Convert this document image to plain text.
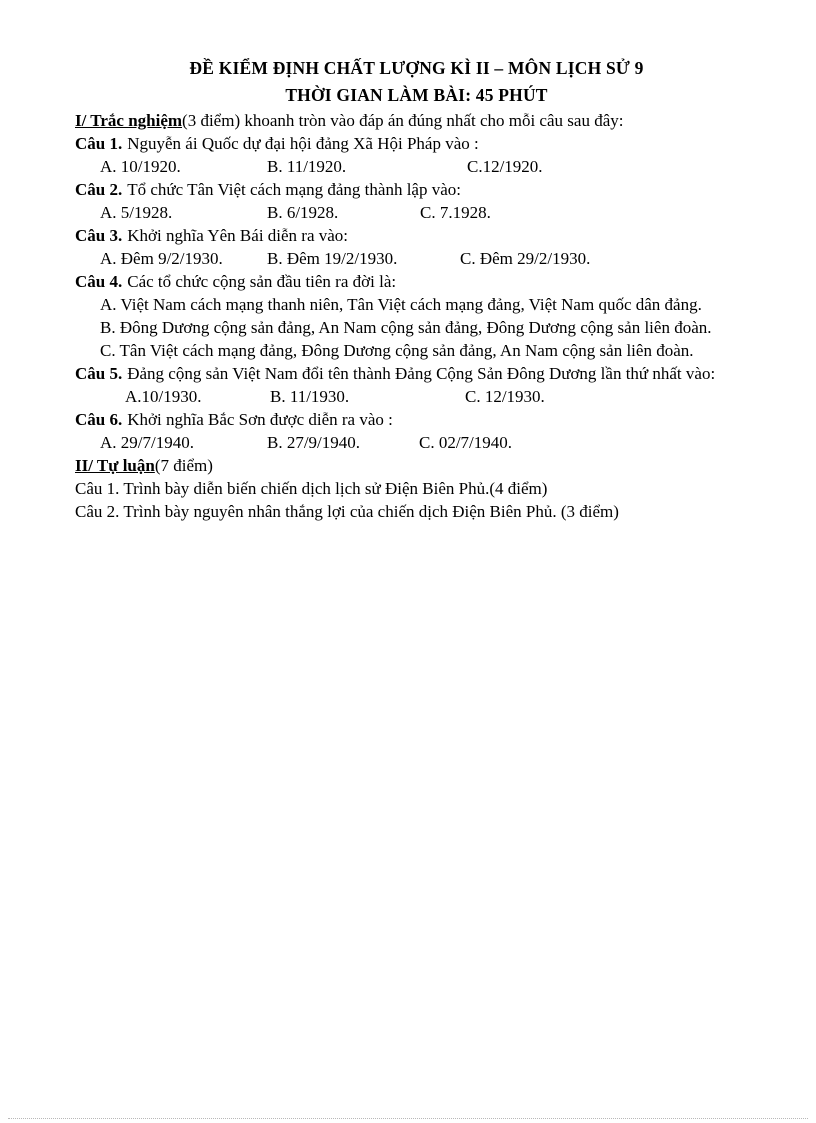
ĐỀ KIỂM ĐỊNH CHẤT LƯỢNG KÌ II – MÔN LỊCH SỬ 9

THỜI GIAN LÀM BÀI: 45 PHÚT

I/ Trắc nghiệm(3 điểm) khoanh tròn vào đáp án đúng nhất cho mỗi câu sau đây:

Câu 1. Nguyễn ái Quốc dự đại hội đảng Xã Hội Pháp vào :

A. 10/1920.	B. 11/1920.	C.12/1920.

Câu 2. Tổ chức Tân Việt cách mạng đảng thành lập vào:

A. 5/1928.	B. 6/1928.	C. 7.1928.

Câu 3. Khởi nghĩa Yên Bái diễn ra vào:

A. Đêm 9/2/1930.	B. Đêm 19/2/1930.	C. Đêm 29/2/1930.

Câu 4. Các tổ chức cộng sản đầu tiên ra đời là:

A. Việt Nam cách mạng thanh niên, Tân Việt cách mạng đảng, Việt Nam quốc dân đảng.

B. Đông Dương cộng sản đảng, An Nam cộng sản đảng, Đông Dương cộng sản liên đoàn.

C. Tân Việt cách mạng đảng, Đông Dương cộng sản đảng, An Nam cộng sản liên đoàn.

Câu 5. Đảng cộng sản Việt Nam đổi tên thành Đảng Cộng Sản Đông Dương lần thứ nhất vào:

A.10/1930.	B. 11/1930.	C. 12/1930.

Câu 6. Khởi nghĩa Bắc Sơn được diễn ra vào :

A. 29/7/1940.	B. 27/9/1940.	C. 02/7/1940.

II/ Tự luận(7 điểm)

Câu 1. Trình bày diễn biến chiến dịch lịch sử Điện Biên Phủ.(4 điểm)

Câu 2. Trình bày nguyên nhân thắng lợi của chiến dịch Điện Biên Phủ. (3 điểm)
